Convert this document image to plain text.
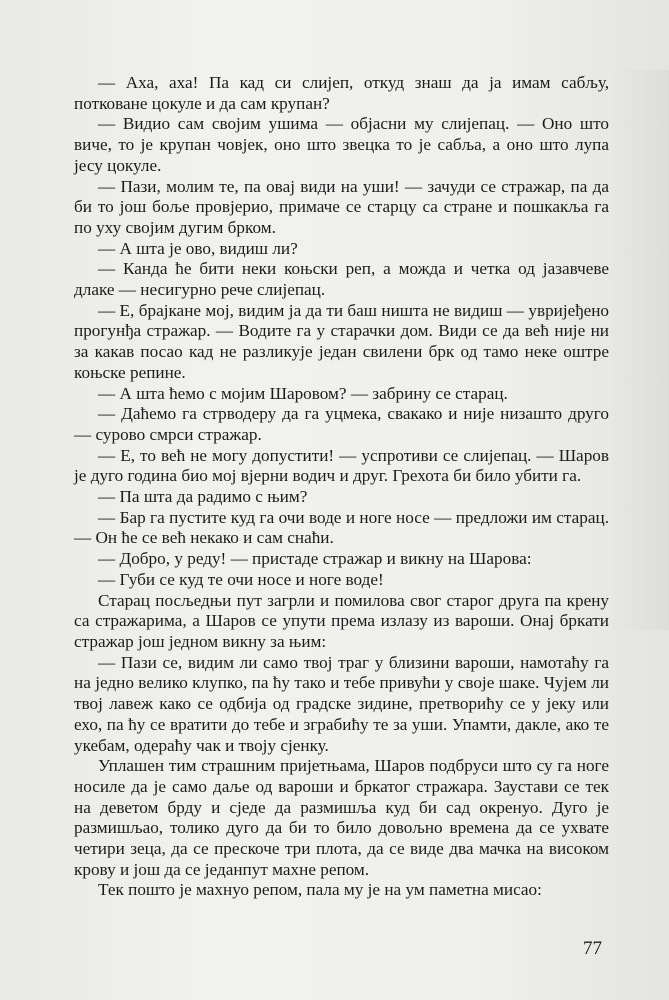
— Аха, аха! Па кад си слијеп, откуд знаш да ја имам сабљу, потковане цокуле и да сам крупан?

— Видио сам својим ушима — објасни му слијепац. — Оно што виче, то је крупан човјек, оно што звецка то је сабља, а оно што лупа јесу цокуле.

— Пази, молим те, па овај види на уши! — зачуди се стражар, па да би то још боље провјерио, примаче се старцу са стране и пошкакља га по уху својим дугим брком.

— А шта је ово, видиш ли?

— Канда ће бити неки коњски реп, а можда и четка од јазавчеве длаке — несигурно рече слијепац.

— Е, брајкане мој, видим ја да ти баш ништа не видиш — увријеђено прогунђа стражар. — Водите га у старачки дом. Види се да већ није ни за какав посао кад не разликује један свилени брк од тамо неке оштре коњске репине.

— А шта ћемо с мојим Шаровом? — забрину се старац.

— Даћемо га стрводеру да га уцмека, свакако и није низашто друго — сурово смрси стражар.

— Е, то већ не могу допустити! — успротиви се слијепац. — Шаров је дуго година био мој вјерни водич и друг. Грехота би било убити га.

— Па шта да радимо с њим?

— Бар га пустите куд га очи воде и ноге носе — предложи им старац. — Он ће се већ некако и сам снаћи.

— Добро, у реду! — пристаде стражар и викну на Шарова:

— Губи се куд те очи носе и ноге воде!

Старац посљедњи пут загрли и помилова свог старог друга па крену са стражарима, а Шаров се упути према излазу из вароши. Онај бркати стражар још једном викну за њим:

— Пази се, видим ли само твој траг у близини вароши, намотаћу га на једно велико клупко, па ћу тако и тебе привући у своје шаке. Чујем ли твој лавеж како се одбија од градске зидине, претворићу се у јеку или ехо, па ћу се вратити до тебе и зграбићу те за уши. Упамти, дакле, ако те укебам, одераћу чак и твоју сјенку.

Уплашен тим страшним пријетњама, Шаров подбруси што су га ноге носиле да је само даље од вароши и бркатог стражара. Заустави се тек на деветом брду и сједе да размишља куд би сад окренуо. Дуго је размишљао, толико дуго да би то било довољно времена да се ухвате четири зеца, да се прескоче три плота, да се виде два мачка на високом крову и још да се једанпут махне репом.

Тек пошто је махнуо репом, пала му је на ум паметна мисао:

77
